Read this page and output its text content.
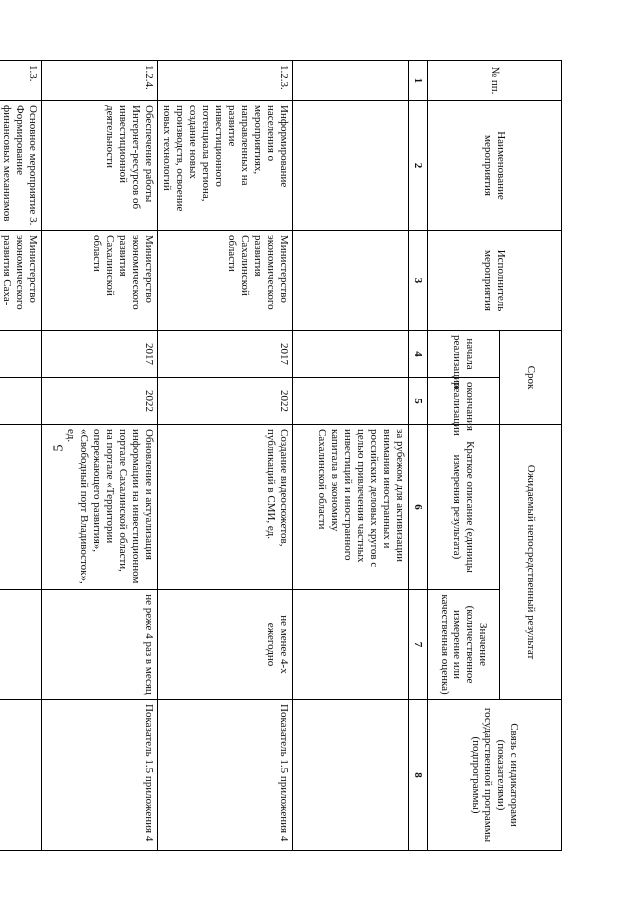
5
№ пп.	Наименование мероприятия	Исполнитель мероприятия	Срок		Ожидаемый непосредственный результат		Связь с индикаторами (показателями) государственной программы (подпрограммы)
			начала реализации	окончания реализации	Краткое описание (единицы измерения результата)	Значение (количественное измерение или качественная оценка)	
1	2	3	4	5	6	7	8
					за рубежом для активизации внимания иностранных и российских деловых кругов с целью привлечения частных инвестиций и иностранного капитала в экономику Сахалинской области		
1.2.3.	Информирование населения о мероприятиях, направленных на развитие инвестиционного потенциала региона, создание новых производств, освоение новых технологий	Министерство экономического развития Сахалинской области	2017	2022	Создание видеосюжетов, публикаций в СМИ, ед.	не менее 4-х ежегодно	Показатель 1.5 приложения 4
1.2.4.	Обеспечение работы Интернет-ресурсов об инвестиционной деятельности	Министерство экономического развития Сахалинской области	2017	2022	Обновление и актуализация информации на инвестиционном портале Сахалинской области, на портале «Территории опережающего развития», «Свободный порт Владивосток», ед.	не реже 4 раз в месяц	Показатель 1.5 приложения 4
1.3.	Основное мероприятие 3. Формирование финансовых механизмов	Министерство экономического развития Саха-					
